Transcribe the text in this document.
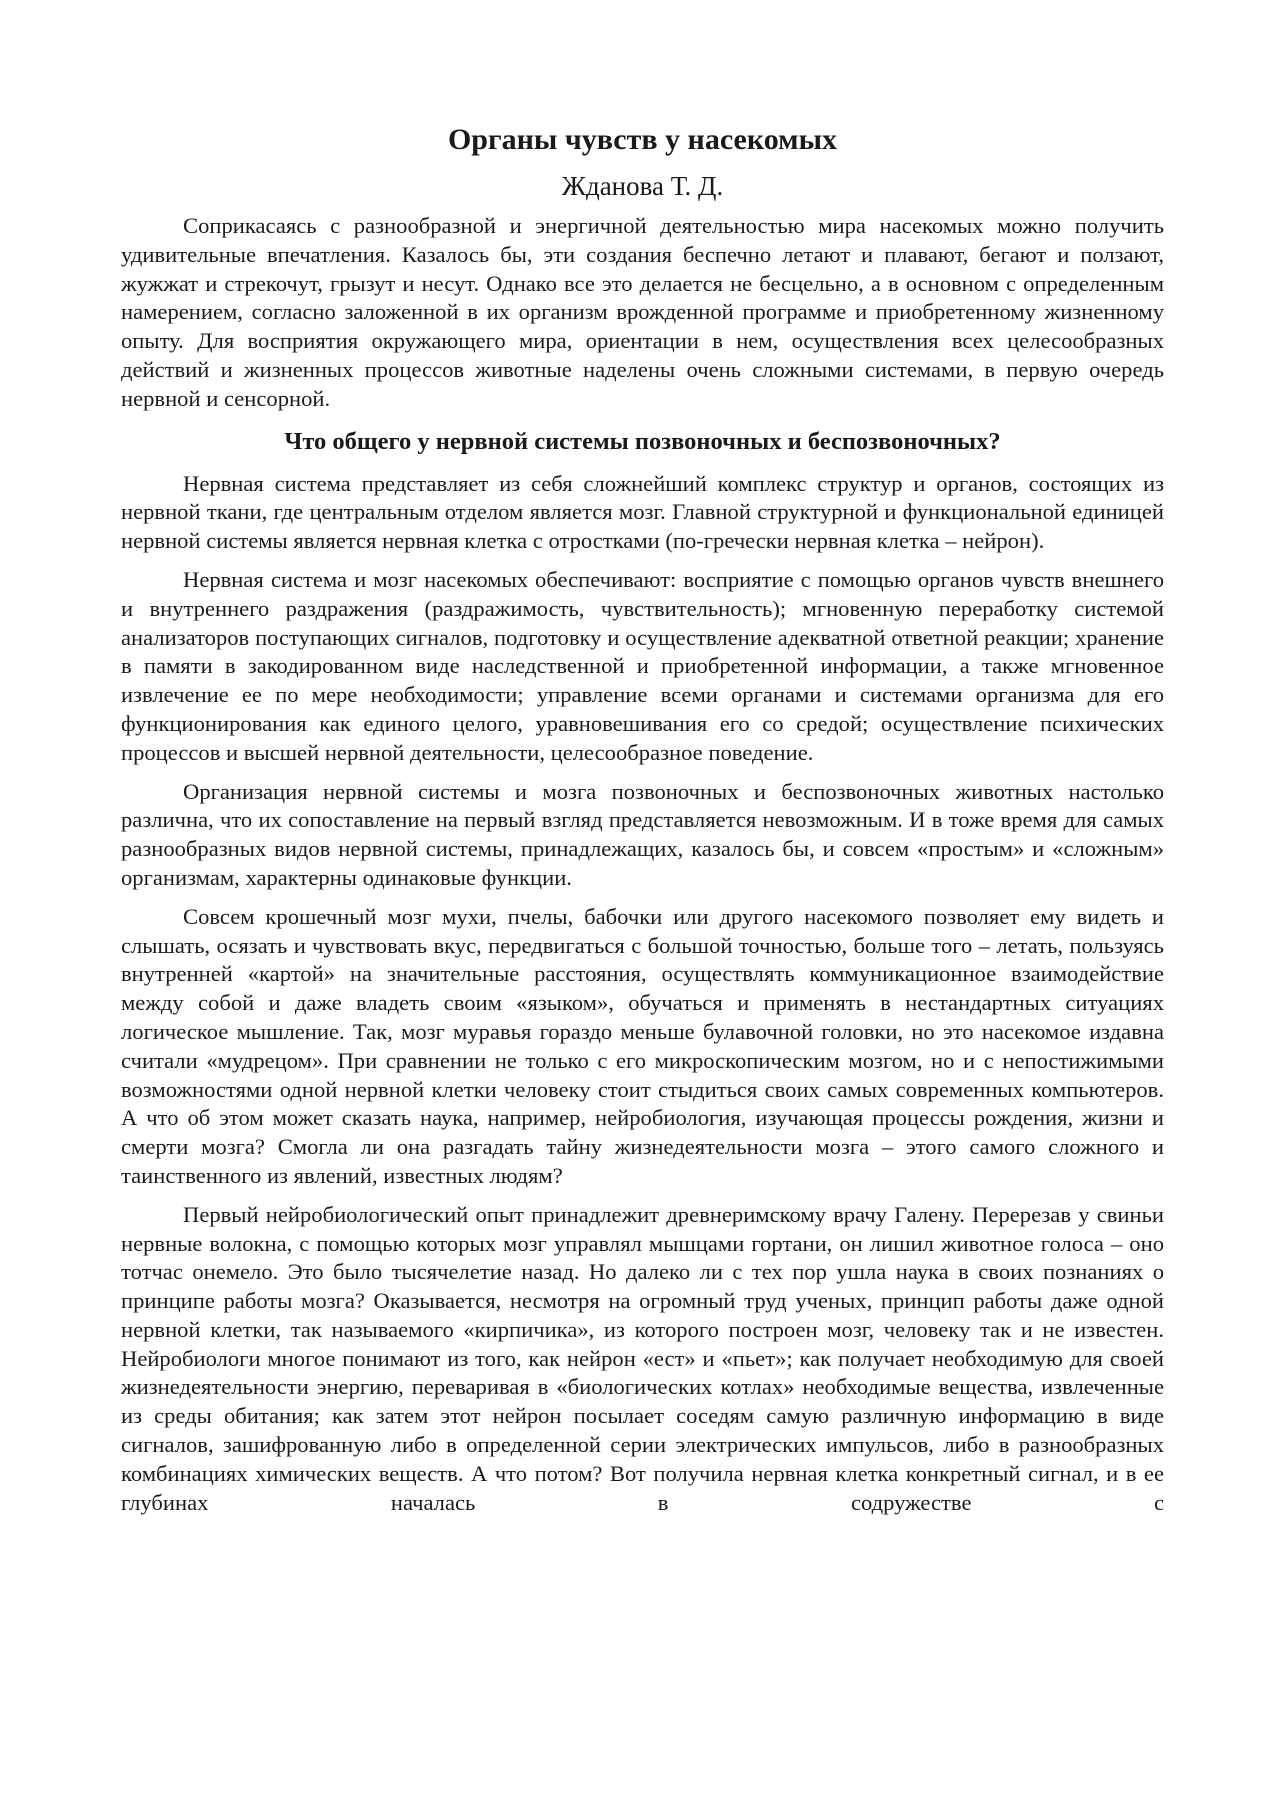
Органы чувств у насекомых
Жданова Т. Д.

Соприкасаясь с разнообразной и энергичной деятельностью мира насекомых можно получить удивительные впечатления. Казалось бы, эти создания беспечно летают и плавают, бегают и ползают, жужжат и стрекочут, грызут и несут. Однако все это делается не бесцельно, а в основном с определенным намерением, согласно заложенной в их организм врожденной программе и приобретенному жизненному опыту. Для восприятия окружающего мира, ориентации в нем, осуществления всех целесообразных действий и жизненных процессов животные наделены очень сложными системами, в первую очередь нервной и сенсорной.

Что общего у нервной системы позвоночных и беспозвоночных?

Нервная система представляет из себя сложнейший комплекс структур и органов, состоящих из нервной ткани, где центральным отделом является мозг. Главной структурной и функциональной единицей нервной системы является нервная клетка с отростками (по-гречески нервная клетка – нейрон).

Нервная система и мозг насекомых обеспечивают: восприятие с помощью органов чувств внешнего и внутреннего раздражения (раздражимость, чувствительность); мгновенную переработку системой анализаторов поступающих сигналов, подготовку и осуществление адекватной ответной реакции; хранение в памяти в закодированном виде наследственной и приобретенной информации, а также мгновенное извлечение ее по мере необходимости; управление всеми органами и системами организма для его функционирования как единого целого, уравновешивания его со средой; осуществление психических процессов и высшей нервной деятельности, целесообразное поведение.

Организация нервной системы и мозга позвоночных и беспозвоночных животных настолько различна, что их сопоставление на первый взгляд представляется невозможным. И в тоже время для самых разнообразных видов нервной системы, принадлежащих, казалось бы, и совсем «простым» и «сложным» организмам, характерны одинаковые функции.

Совсем крошечный мозг мухи, пчелы, бабочки или другого насекомого позволяет ему видеть и слышать, осязать и чувствовать вкус, передвигаться с большой точностью, больше того – летать, пользуясь внутренней «картой» на значительные расстояния, осуществлять коммуникационное взаимодействие между собой и даже владеть своим «языком», обучаться и применять в нестандартных ситуациях логическое мышление. Так, мозг муравья гораздо меньше булавочной головки, но это насекомое издавна считали «мудрецом». При сравнении не только с его микроскопическим мозгом, но и с непостижимыми возможностями одной нервной клетки человеку стоит стыдиться своих самых современных компьютеров. А что об этом может сказать наука, например, нейробиология, изучающая процессы рождения, жизни и смерти мозга? Смогла ли она разгадать тайну жизнедеятельности мозга – этого самого сложного и таинственного из явлений, известных людям?

Первый нейробиологический опыт принадлежит древнеримскому врачу Галену. Перерезав у свиньи нервные волокна, с помощью которых мозг управлял мышцами гортани, он лишил животное голоса – оно тотчас онемело. Это было тысячелетие назад. Но далеко ли с тех пор ушла наука в своих познаниях о принципе работы мозга? Оказывается, несмотря на огромный труд ученых, принцип работы даже одной нервной клетки, так называемого «кирпичика», из которого построен мозг, человеку так и не известен. Нейробиологи многое понимают из того, как нейрон «ест» и «пьет»; как получает необходимую для своей жизнедеятельности энергию, переваривая в «биологических котлах» необходимые вещества, извлеченные из среды обитания; как затем этот нейрон посылает соседям самую различную информацию в виде сигналов, зашифрованную либо в определенной серии электрических импульсов, либо в разнообразных комбинациях химических веществ. А что потом? Вот получила нервная клетка конкретный сигнал, и в ее глубинах началась в содружестве с
